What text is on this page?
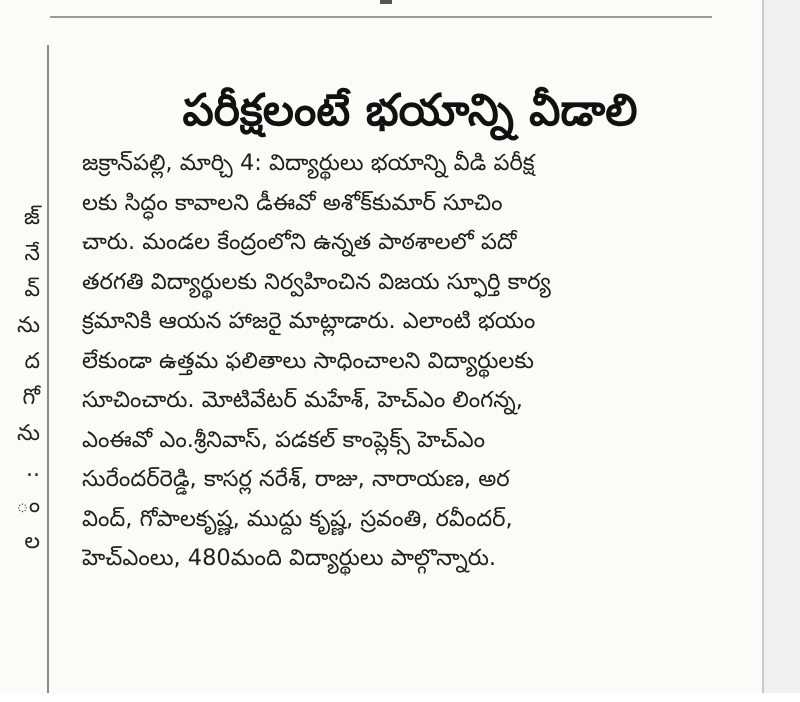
జ్
నే
వ్
ను
ద
గో
ను
..
ం
ల
పరీక్షలంటే భయాన్ని వీడాలి
జక్రాన్‌పల్లి, మార్చి 4: విద్యార్థులు భయాన్ని వీడి పరీక్ష
లకు సిద్ధం కావాలని డీఈవో అశోక్‌కుమార్ సూచిం
చారు. మండల కేంద్రంలోని ఉన్నత పాఠశాలలో పదో
తరగతి విద్యార్థులకు నిర్వహించిన విజయ స్ఫూర్తి కార్య
క్రమానికి ఆయన హాజరై మాట్లాడారు. ఎలాంటి భయం
లేకుండా ఉత్తమ ఫలితాలు సాధించాలని విద్యార్థులకు
సూచించారు. మోటివేటర్ మహేశ్, హెచ్‌ఎం లింగన్న,
ఎంఈవో ఎం.శ్రీనివాస్, పడకల్ కాంప్లెక్స్ హెచ్‌ఎం
సురేందర్‌రెడ్డి, కాసర్ల నరేశ్, రాజు, నారాయణ, అర
వింద్, గోపాలకృష్ణ, ముద్దు కృష్ణ, స్రవంతి, రవీందర్,
హెచ్‌ఎంలు, 480మంది విద్యార్థులు పాల్గొన్నారు.
